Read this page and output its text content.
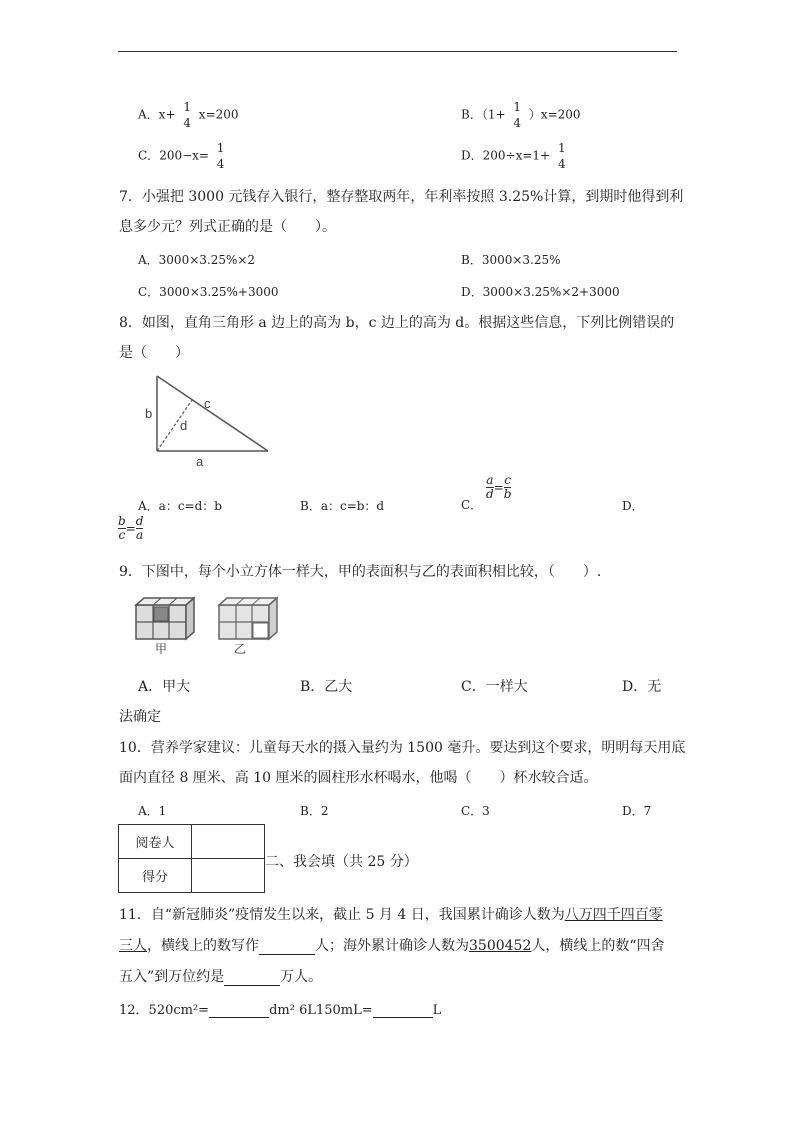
A．x+
1
4
x=200	B．（1+
1
4
）x=200
C．200−x=
1
4
D．200÷x=1+
1
4
7．小强把 3000 元钱存入银行，整存整取两年，年利率按照 3.25%计算，到期时他得到利
息多少元？列式正确的是（　　）。
A．3000×3.25%×2	B．3000×3.25%
C．3000×3.25%+3000	D．3000×3.25%×2+3000
8．如图，直角三角形 a 边上的高为 b，c 边上的高为 d。根据这些信息，下列比例错误的
是（　　）
b
c
d
a
A．a：c=d：b	B．a：c=b：d	C．
$\frac{a}{d} = \frac{c}{b}$
D．
$\frac{b}{c} = \frac{d}{a}$
9．下图中，每个小立方体一样大，甲的表面积与乙的表面积相比较，（　　）.
甲	乙
A．甲大	B．乙大	C．一样大	D．无
法确定
10．营养学家建议：儿童每天水的摄入量约为 1500 毫升。要达到这个要求，明明每天用底
面内直径 8 厘米、高 10 厘米的圆柱形水杯喝水，他喝（　　）杯水较合适。
A．1	B．2	C．3	D．7
阅卷人	
得分	
二、我会填（共 25 分）
11．自“新冠肺炎”疫情发生以来，截止 5 月 4 日，我国累计确诊人数为八万四千四百零
三人，横线上的数写作	人；海外累计确诊人数为3500452人，横线上的数“四舍
五入”到万位约是	万人。
12．520cm²=	dm² 6L150mL=	L
